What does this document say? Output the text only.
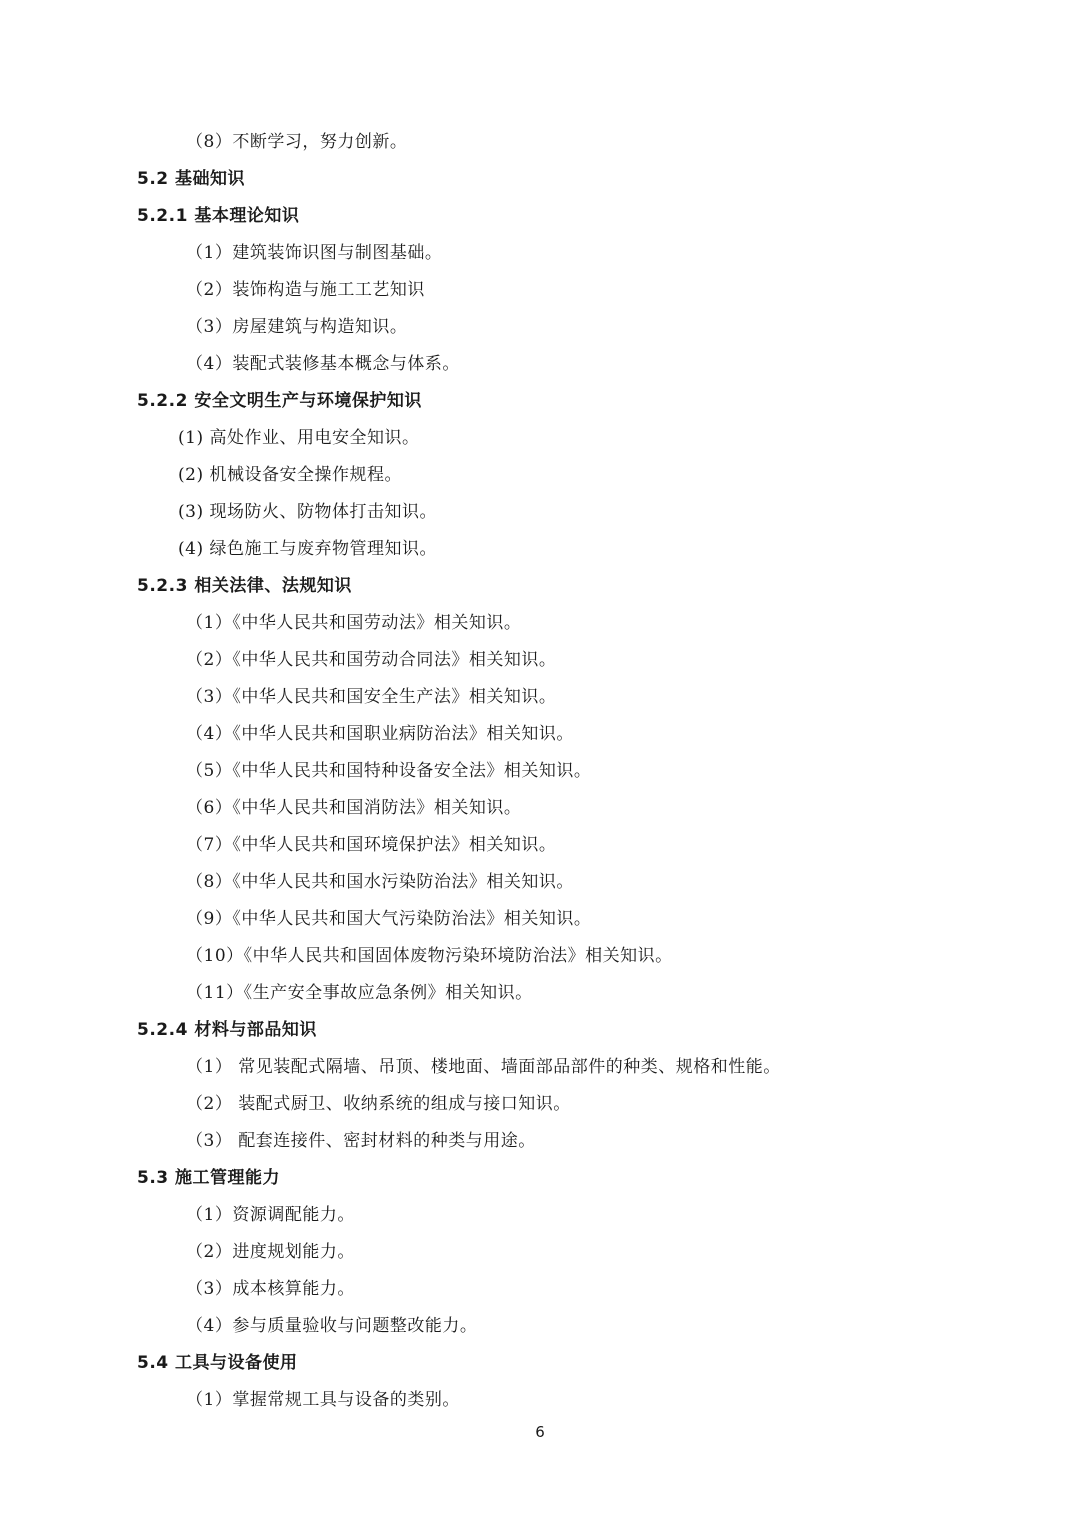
（8）不断学习，努力创新。
5.2 基础知识
5.2.1 基本理论知识
（1）建筑装饰识图与制图基础。
（2）装饰构造与施工工艺知识
（3）房屋建筑与构造知识。
（4）装配式装修基本概念与体系。
5.2.2 安全文明生产与环境保护知识
(1) 高处作业、用电安全知识。
(2) 机械设备安全操作规程。
(3) 现场防火、防物体打击知识。
(4) 绿色施工与废弃物管理知识。
5.2.3 相关法律、法规知识
（1）《中华人民共和国劳动法》相关知识。
（2）《中华人民共和国劳动合同法》相关知识。
（3）《中华人民共和国安全生产法》相关知识。
（4）《中华人民共和国职业病防治法》相关知识。
（5）《中华人民共和国特种设备安全法》相关知识。
（6）《中华人民共和国消防法》相关知识。
（7）《中华人民共和国环境保护法》相关知识。
（8）《中华人民共和国水污染防治法》相关知识。
（9）《中华人民共和国大气污染防治法》相关知识。
（10）《中华人民共和国固体废物污染环境防治法》相关知识。
（11）《生产安全事故应急条例》相关知识。
5.2.4 材料与部品知识
（1） 常见装配式隔墙、吊顶、楼地面、墙面部品部件的种类、规格和性能。
（2） 装配式厨卫、收纳系统的组成与接口知识。
（3） 配套连接件、密封材料的种类与用途。
5.3 施工管理能力
（1）资源调配能力。
（2）进度规划能力。
（3）成本核算能力。
（4）参与质量验收与问题整改能力。
5.4 工具与设备使用
（1）掌握常规工具与设备的类别。
6
